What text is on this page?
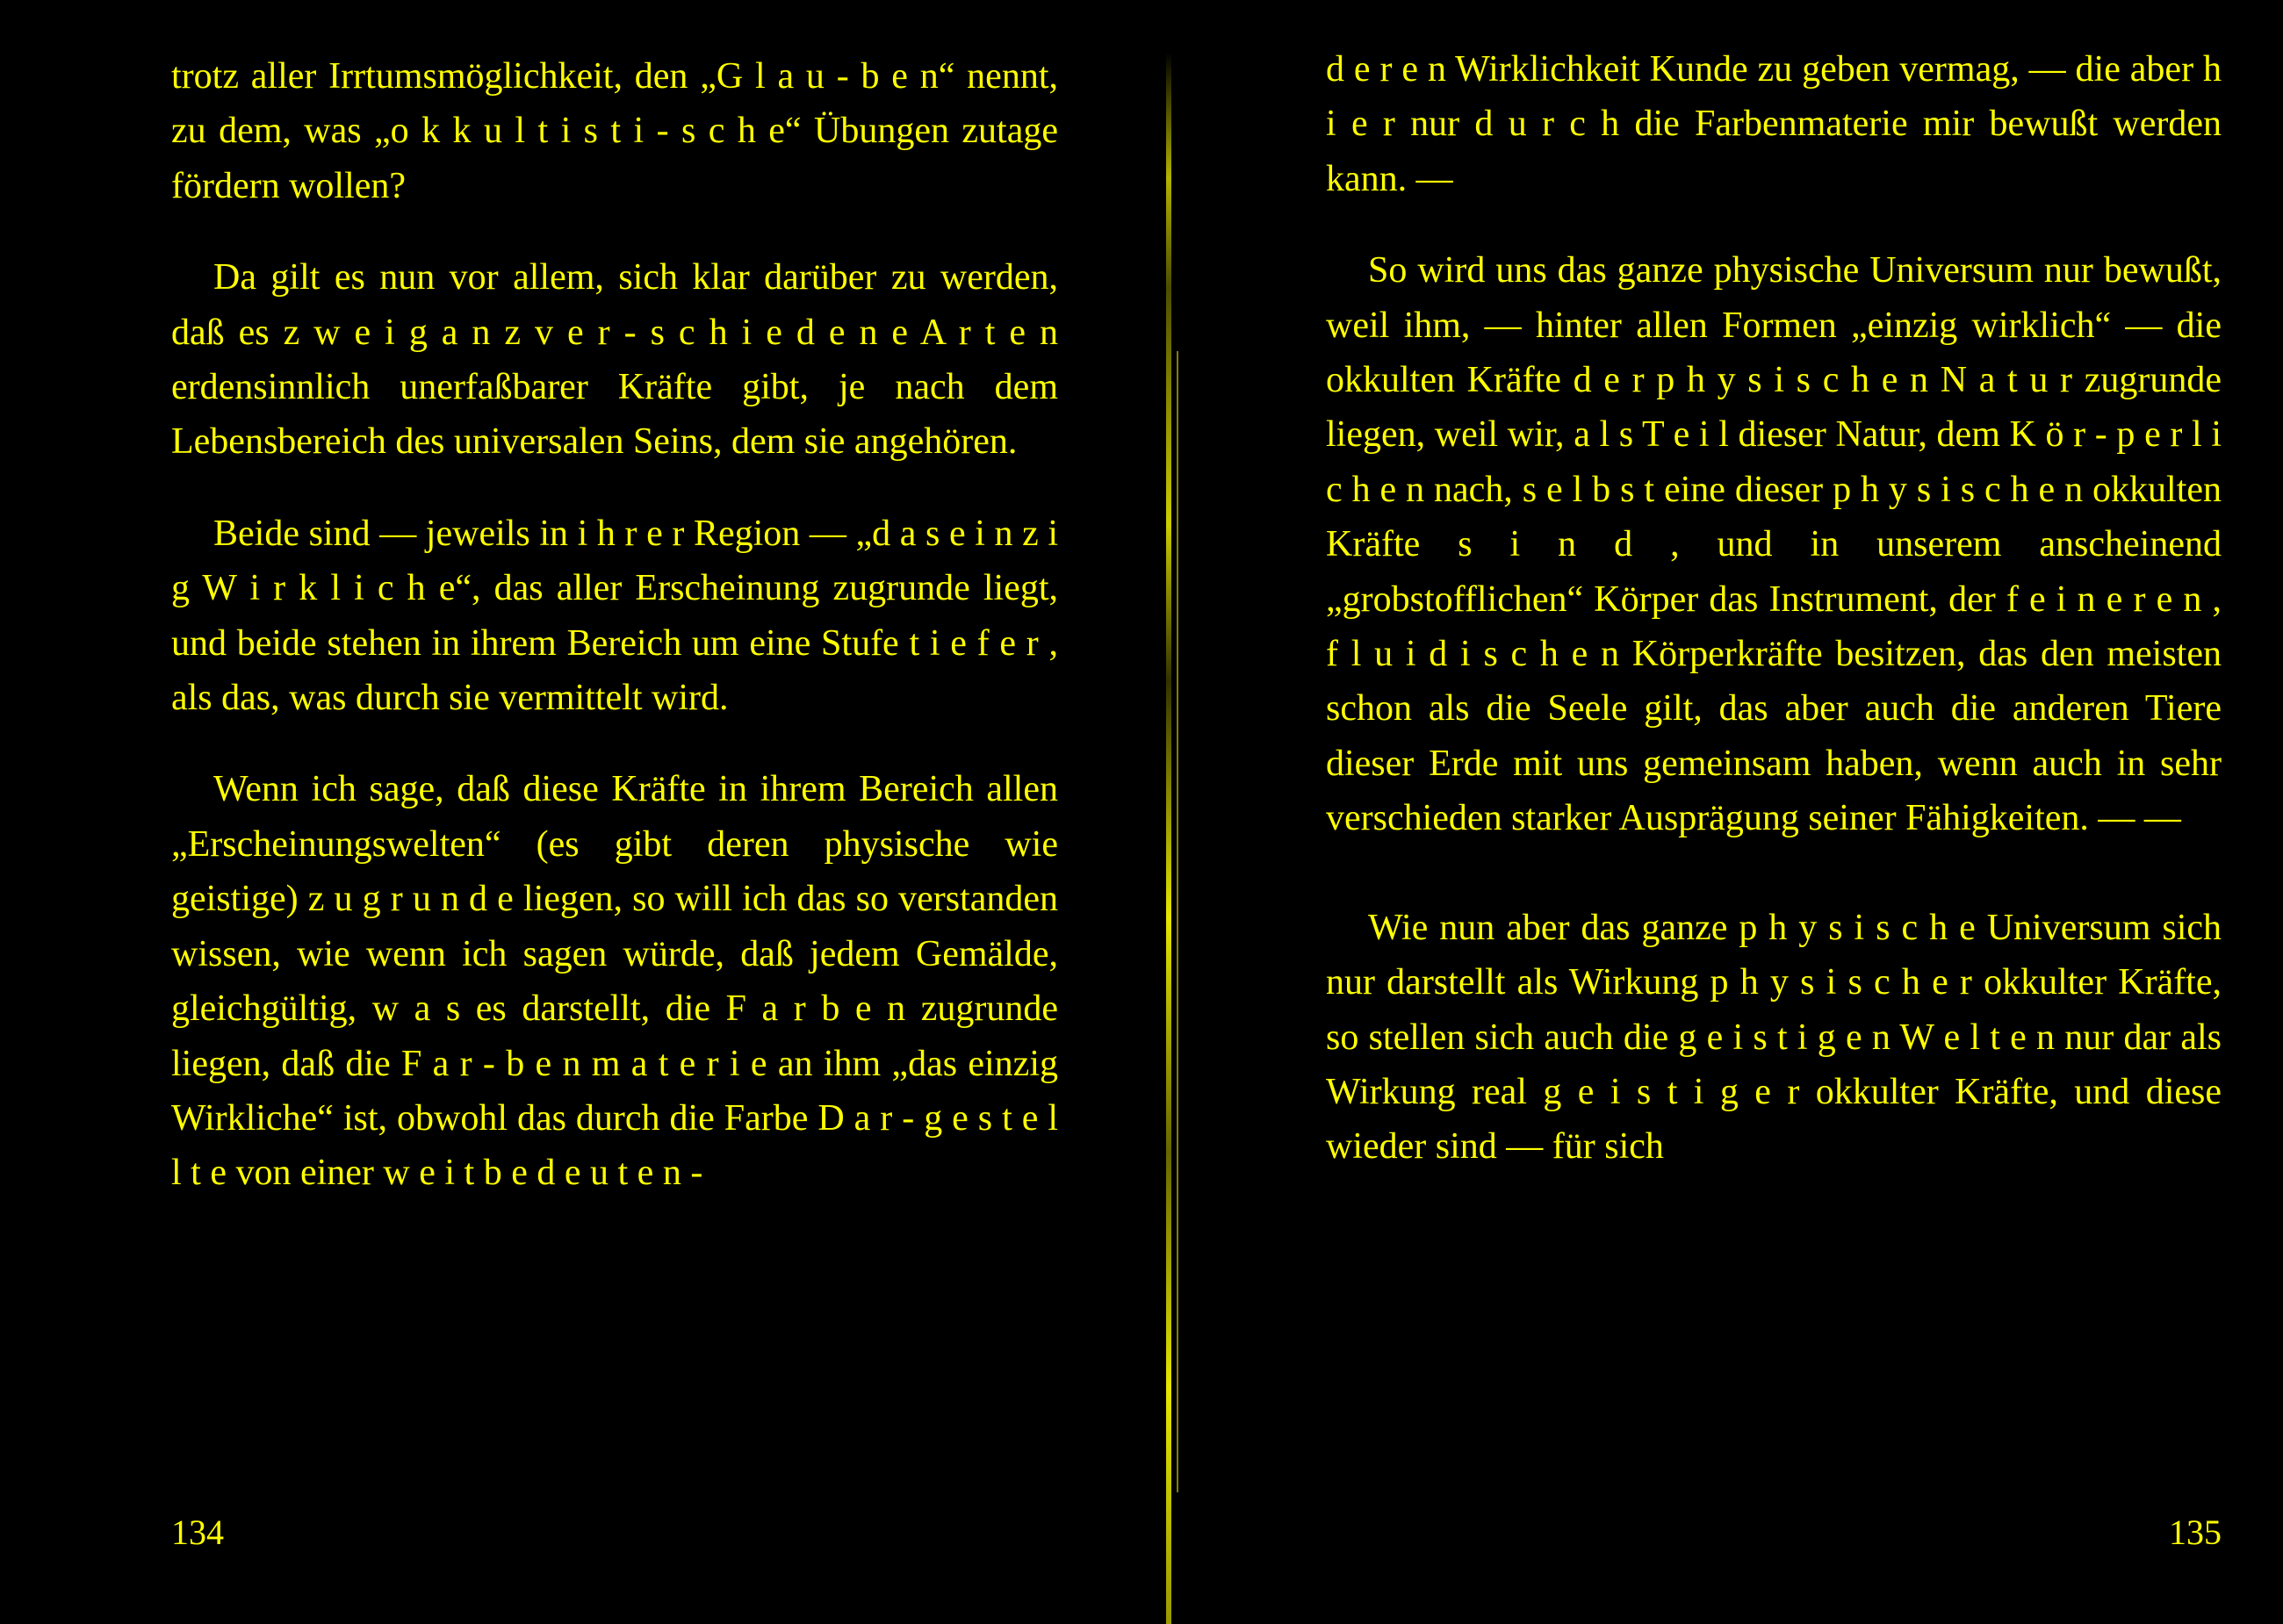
trotz aller Irrtumsmöglichkeit, den „G l a u - b e n“ nennt, zu dem, was „o k k u l t i s t i - s c h e“ Übungen zutage fördern wollen?

Da gilt es nun vor allem, sich klar darüber zu werden, daß es z w e i g a n z v e r - s c h i e d e n e A r t e n erdensinnlich unerfaßbarer Kräfte gibt, je nach dem Lebensbereich des universalen Seins, dem sie angehören.

Beide sind — jeweils in i h r e r Region — „d a s e i n z i g W i r k l i c h e“, das aller Erscheinung zugrunde liegt, und beide stehen in ihrem Bereich um eine Stufe t i e f e r , als das, was durch sie vermittelt wird.

Wenn ich sage, daß diese Kräfte in ihrem Bereich allen „Erscheinungswelten“ (es gibt deren physische wie geistige) z u g r u n d e liegen, so will ich das so verstanden wissen, wie wenn ich sagen würde, daß jedem Gemälde, gleichgültig, w a s es darstellt, die F a r b e n zugrunde liegen, daß die F a r - b e n m a t e r i e an ihm „das einzig Wirkliche“ ist, obwohl das durch die Farbe D a r - g e s t e l l t e von einer w e i t b e d e u t e n -

134

d e r e n Wirklichkeit Kunde zu geben vermag, — die aber h i e r nur d u r c h die Farbenmaterie mir bewußt werden kann. —

So wird uns das ganze physische Universum nur bewußt, weil ihm, — hinter allen Formen „einzig wirklich“ — die okkulten Kräfte d e r p h y s i s c h e n N a t u r zugrunde liegen, weil wir, a l s T e i l dieser Natur, dem K ö r - p e r l i c h e n nach, s e l b s t eine dieser p h y s i s c h e n okkulten Kräfte s i n d , und in unserem anscheinend „grobstofflichen“ Körper das Instrument, der f e i n e r e n , f l u i d i s c h e n Körperkräfte besitzen, das den meisten schon als die Seele gilt, das aber auch die anderen Tiere dieser Erde mit uns gemeinsam haben, wenn auch in sehr verschieden starker Ausprägung seiner Fähigkeiten. — —

Wie nun aber das ganze p h y s i s c h e Universum sich nur darstellt als Wirkung p h y s i s c h e r okkulter Kräfte, so stellen sich auch die g e i s t i g e n W e l t e n nur dar als Wirkung real g e i s t i g e r okkulter Kräfte, und diese wieder sind — für sich

135
